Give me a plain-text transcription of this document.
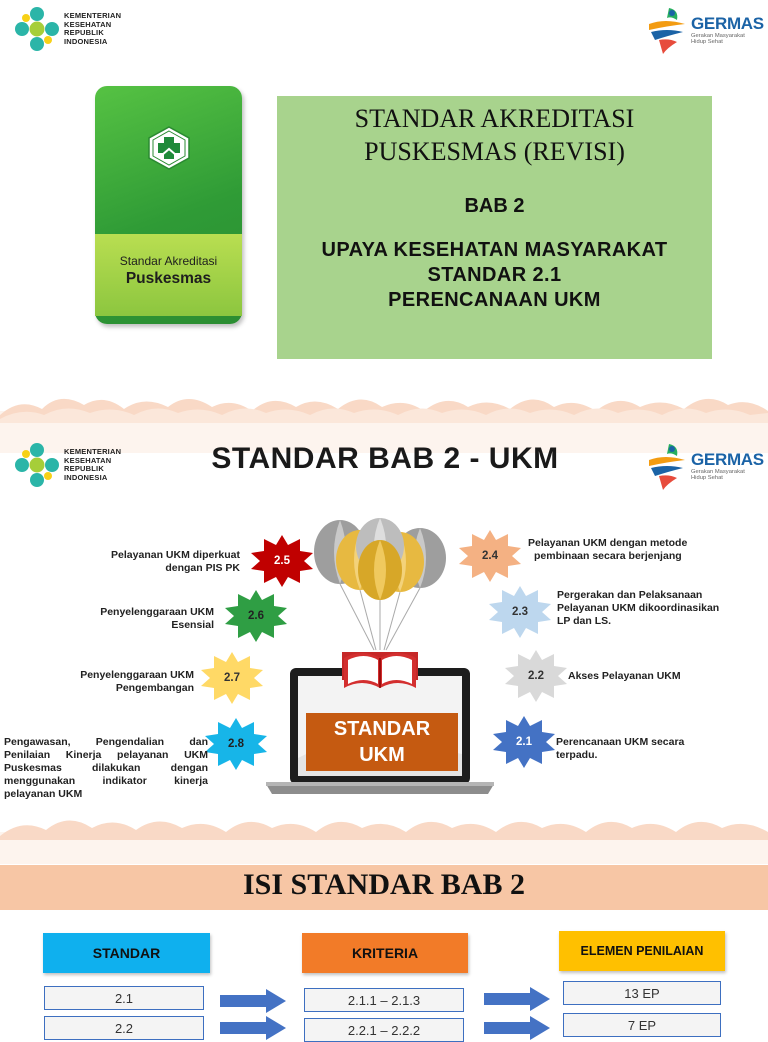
KEMENTERIAN
KESEHATAN
REPUBLIK
INDONESIA
GERMAS
Gerakan Masyarakat
Hidup Sehat
Standar Akreditasi
Puskesmas
STANDAR AKREDITASI
PUSKESMAS (REVISI)
BAB 2
UPAYA KESEHATAN MASYARAKAT
STANDAR 2.1
PERENCANAAN UKM
KEMENTERIAN
KESEHATAN
REPUBLIK
INDONESIA
GERMAS
Gerakan Masyarakat
Hidup Sehat
STANDAR BAB 2 - UKM
STANDAR
UKM
2.5
Pelayanan UKM diperkuat
dengan PIS PK
2.6
Penyelenggaraan UKM
Esensial
2.7
Penyelenggaraan UKM
Pengembangan
2.8
Pengawasan, Pengendalian dan
Penilaian Kinerja pelayanan UKM
Puskesmas dilakukan dengan
menggunakan indikator kinerja
pelayanan UKM
2.4
Pelayanan UKM dengan metode
pembinaan secara berjenjang
2.3
Pergerakan dan Pelaksanaan
Pelayanan UKM dikoordinasikan
LP dan LS.
2.2	Akses Pelayanan UKM
2.1	Perencanaan UKM secara
terpadu.
ISI STANDAR BAB 2
STANDAR
2.1
2.2
KRITERIA
2.1.1 – 2.1.3
2.2.1 – 2.2.2
ELEMEN PENILAIAN
13 EP
7 EP
